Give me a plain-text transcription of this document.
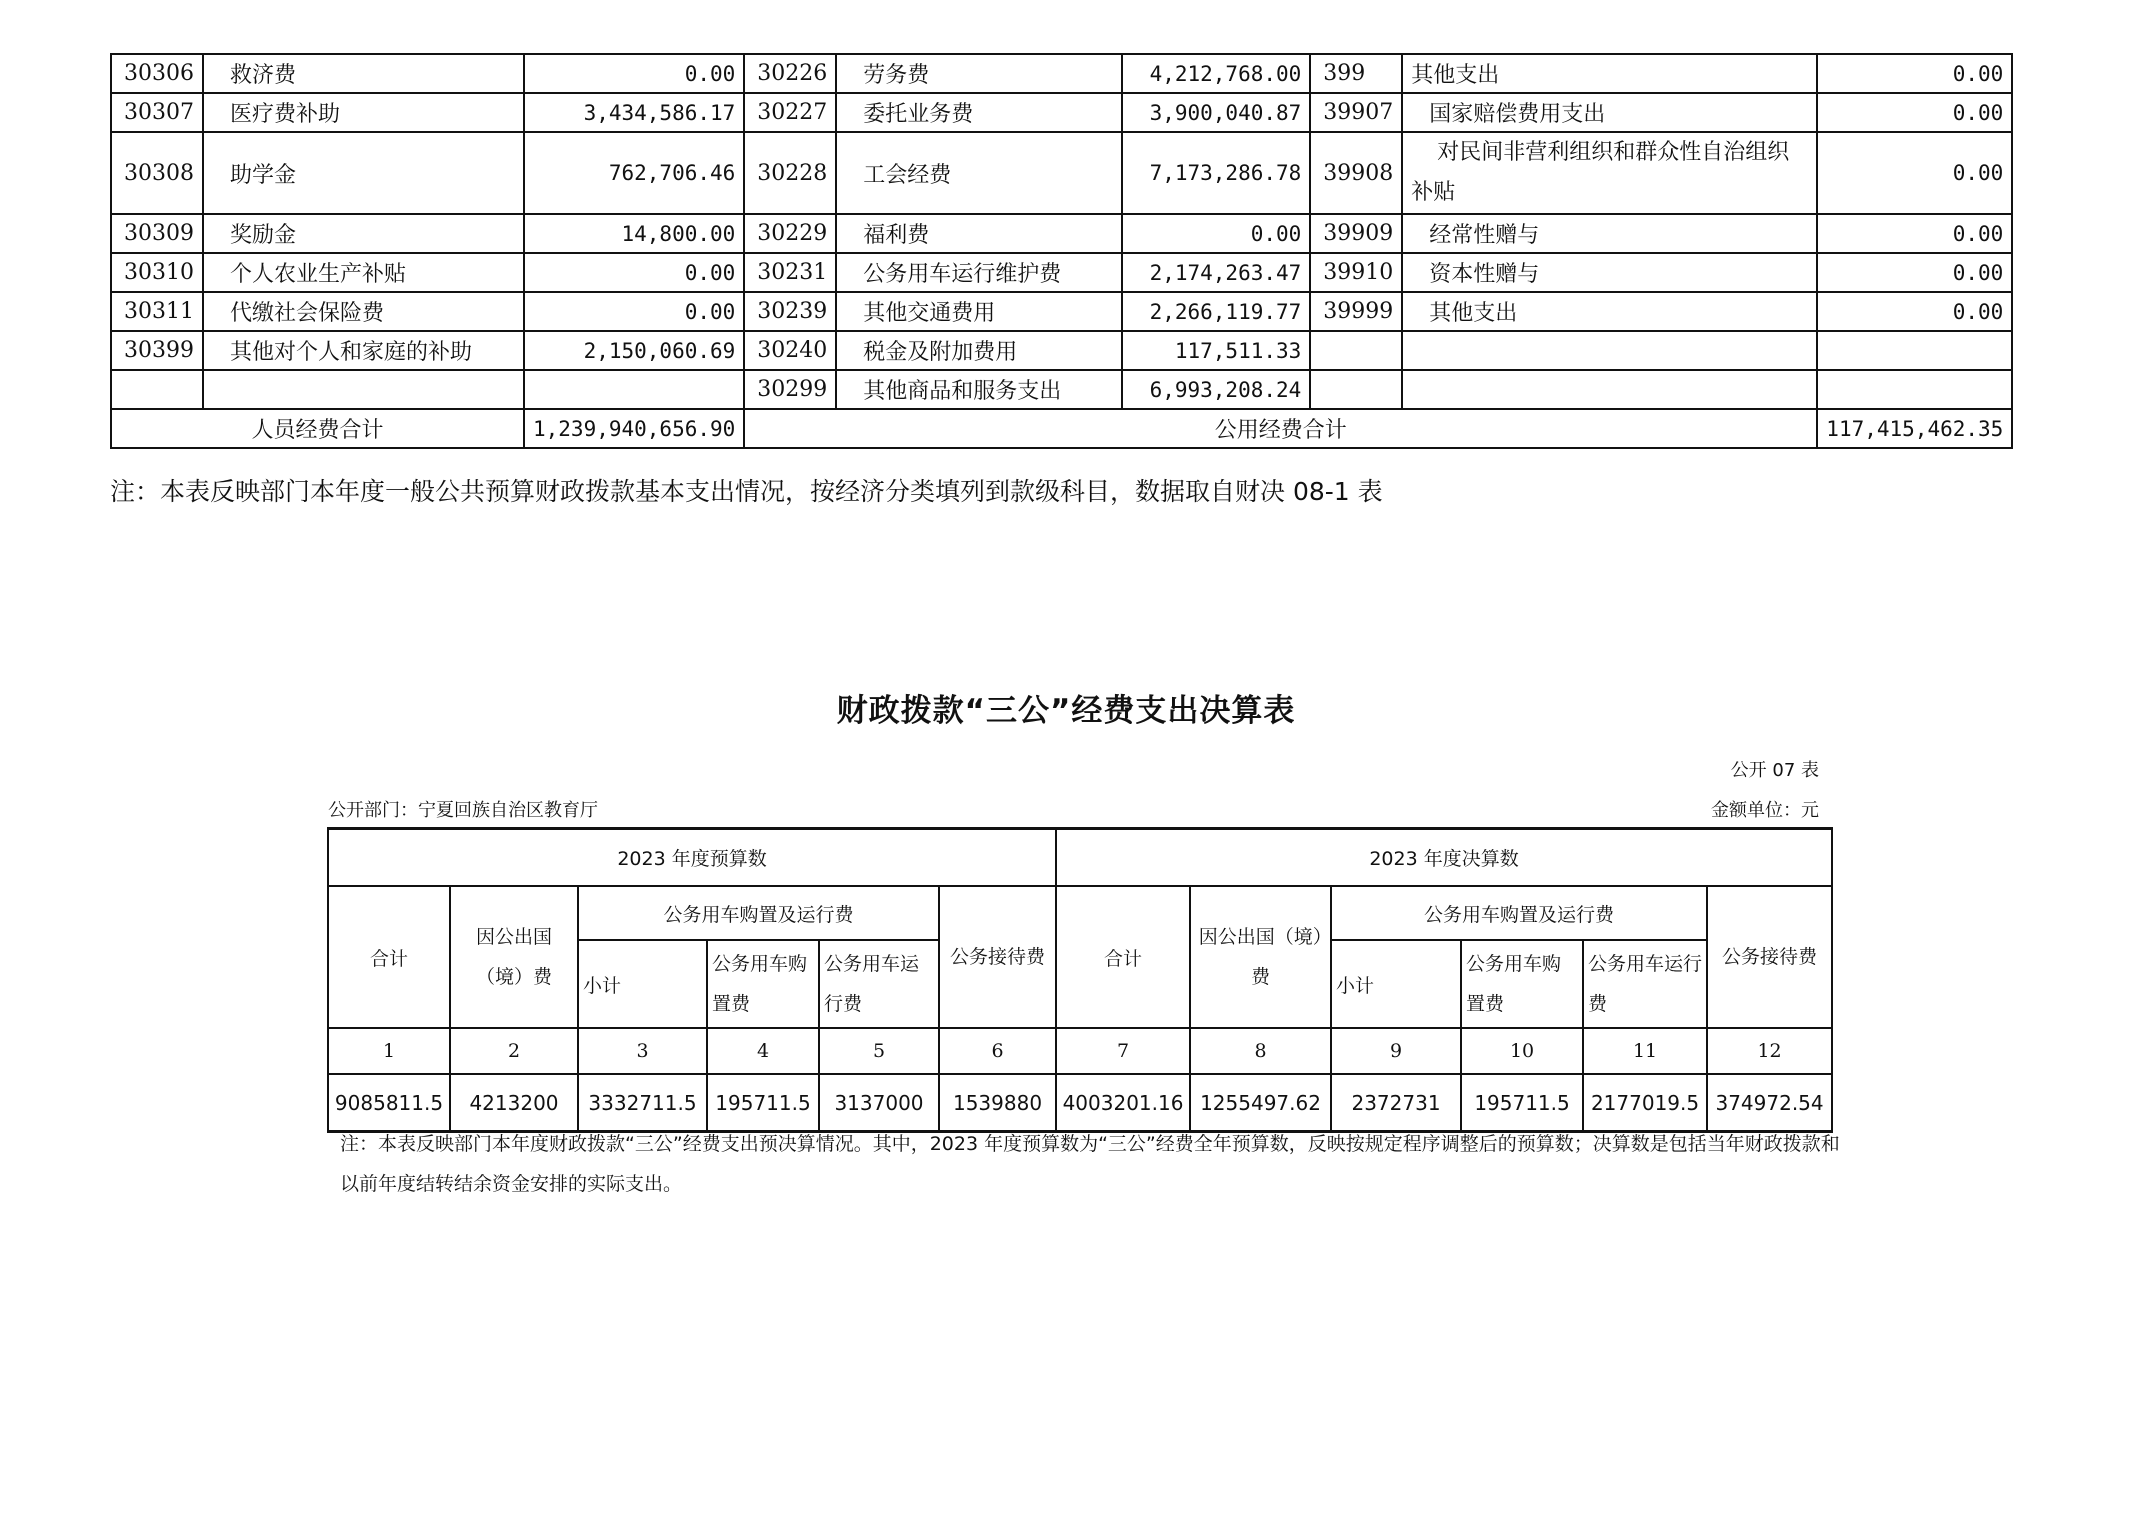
30306	救济费	0.00	30226	劳务费	4,212,768.00	399	其他支出	0.00
30307	医疗费补助	3,434,586.17	30227	委托业务费	3,900,040.87	39907	国家赔偿费用支出	0.00
30308	助学金	762,706.46	30228	工会经费	7,173,286.78	39908	对民间非营利组织和群众性自治组织补贴	0.00
30309	奖励金	14,800.00	30229	福利费	0.00	39909	经常性赠与	0.00
30310	个人农业生产补贴	0.00	30231	公务用车运行维护费	2,174,263.47	39910	资本性赠与	0.00
30311	代缴社会保险费	0.00	30239	其他交通费用	2,266,119.77	39999	其他支出	0.00
30399	其他对个人和家庭的补助	2,150,060.69	30240	税金及附加费用	117,511.33			
			30299	其他商品和服务支出	6,993,208.24			
人员经费合计		1,239,940,656.90	公用经费合计					117,415,462.35
注：本表反映部门本年度一般公共预算财政拨款基本支出情况，按经济分类填列到款级科目，数据取自财决 08-1 表
财政拨款“三公”经费支出决算表
公开 07 表
公开部门：宁夏回族自治区教育厅	金额单位：元
2023 年度预算数						2023 年度决算数					
合计	因公出国（境）费	公务用车购置及运行费			公务接待费	合计	因公出国（境）费	公务用车购置及运行费			公务接待费
		小计	公务用车购置费	公务用车运行费				小计	公务用车购置费	公务用车运行费	
1	2	3	4	5	6	7	8	9	10	11	12
9085811.5	4213200	3332711.5	195711.5	3137000	1539880	4003201.16	1255497.62	2372731	195711.5	2177019.5	374972.54
注：本表反映部门本年度财政拨款“三公”经费支出预决算情况。其中，2023 年度预算数为“三公”经费全年预算数，反映按规定程序调整后的预算数；决算数是包括当年财政拨款和以前年度结转结余资金安排的实际支出。
